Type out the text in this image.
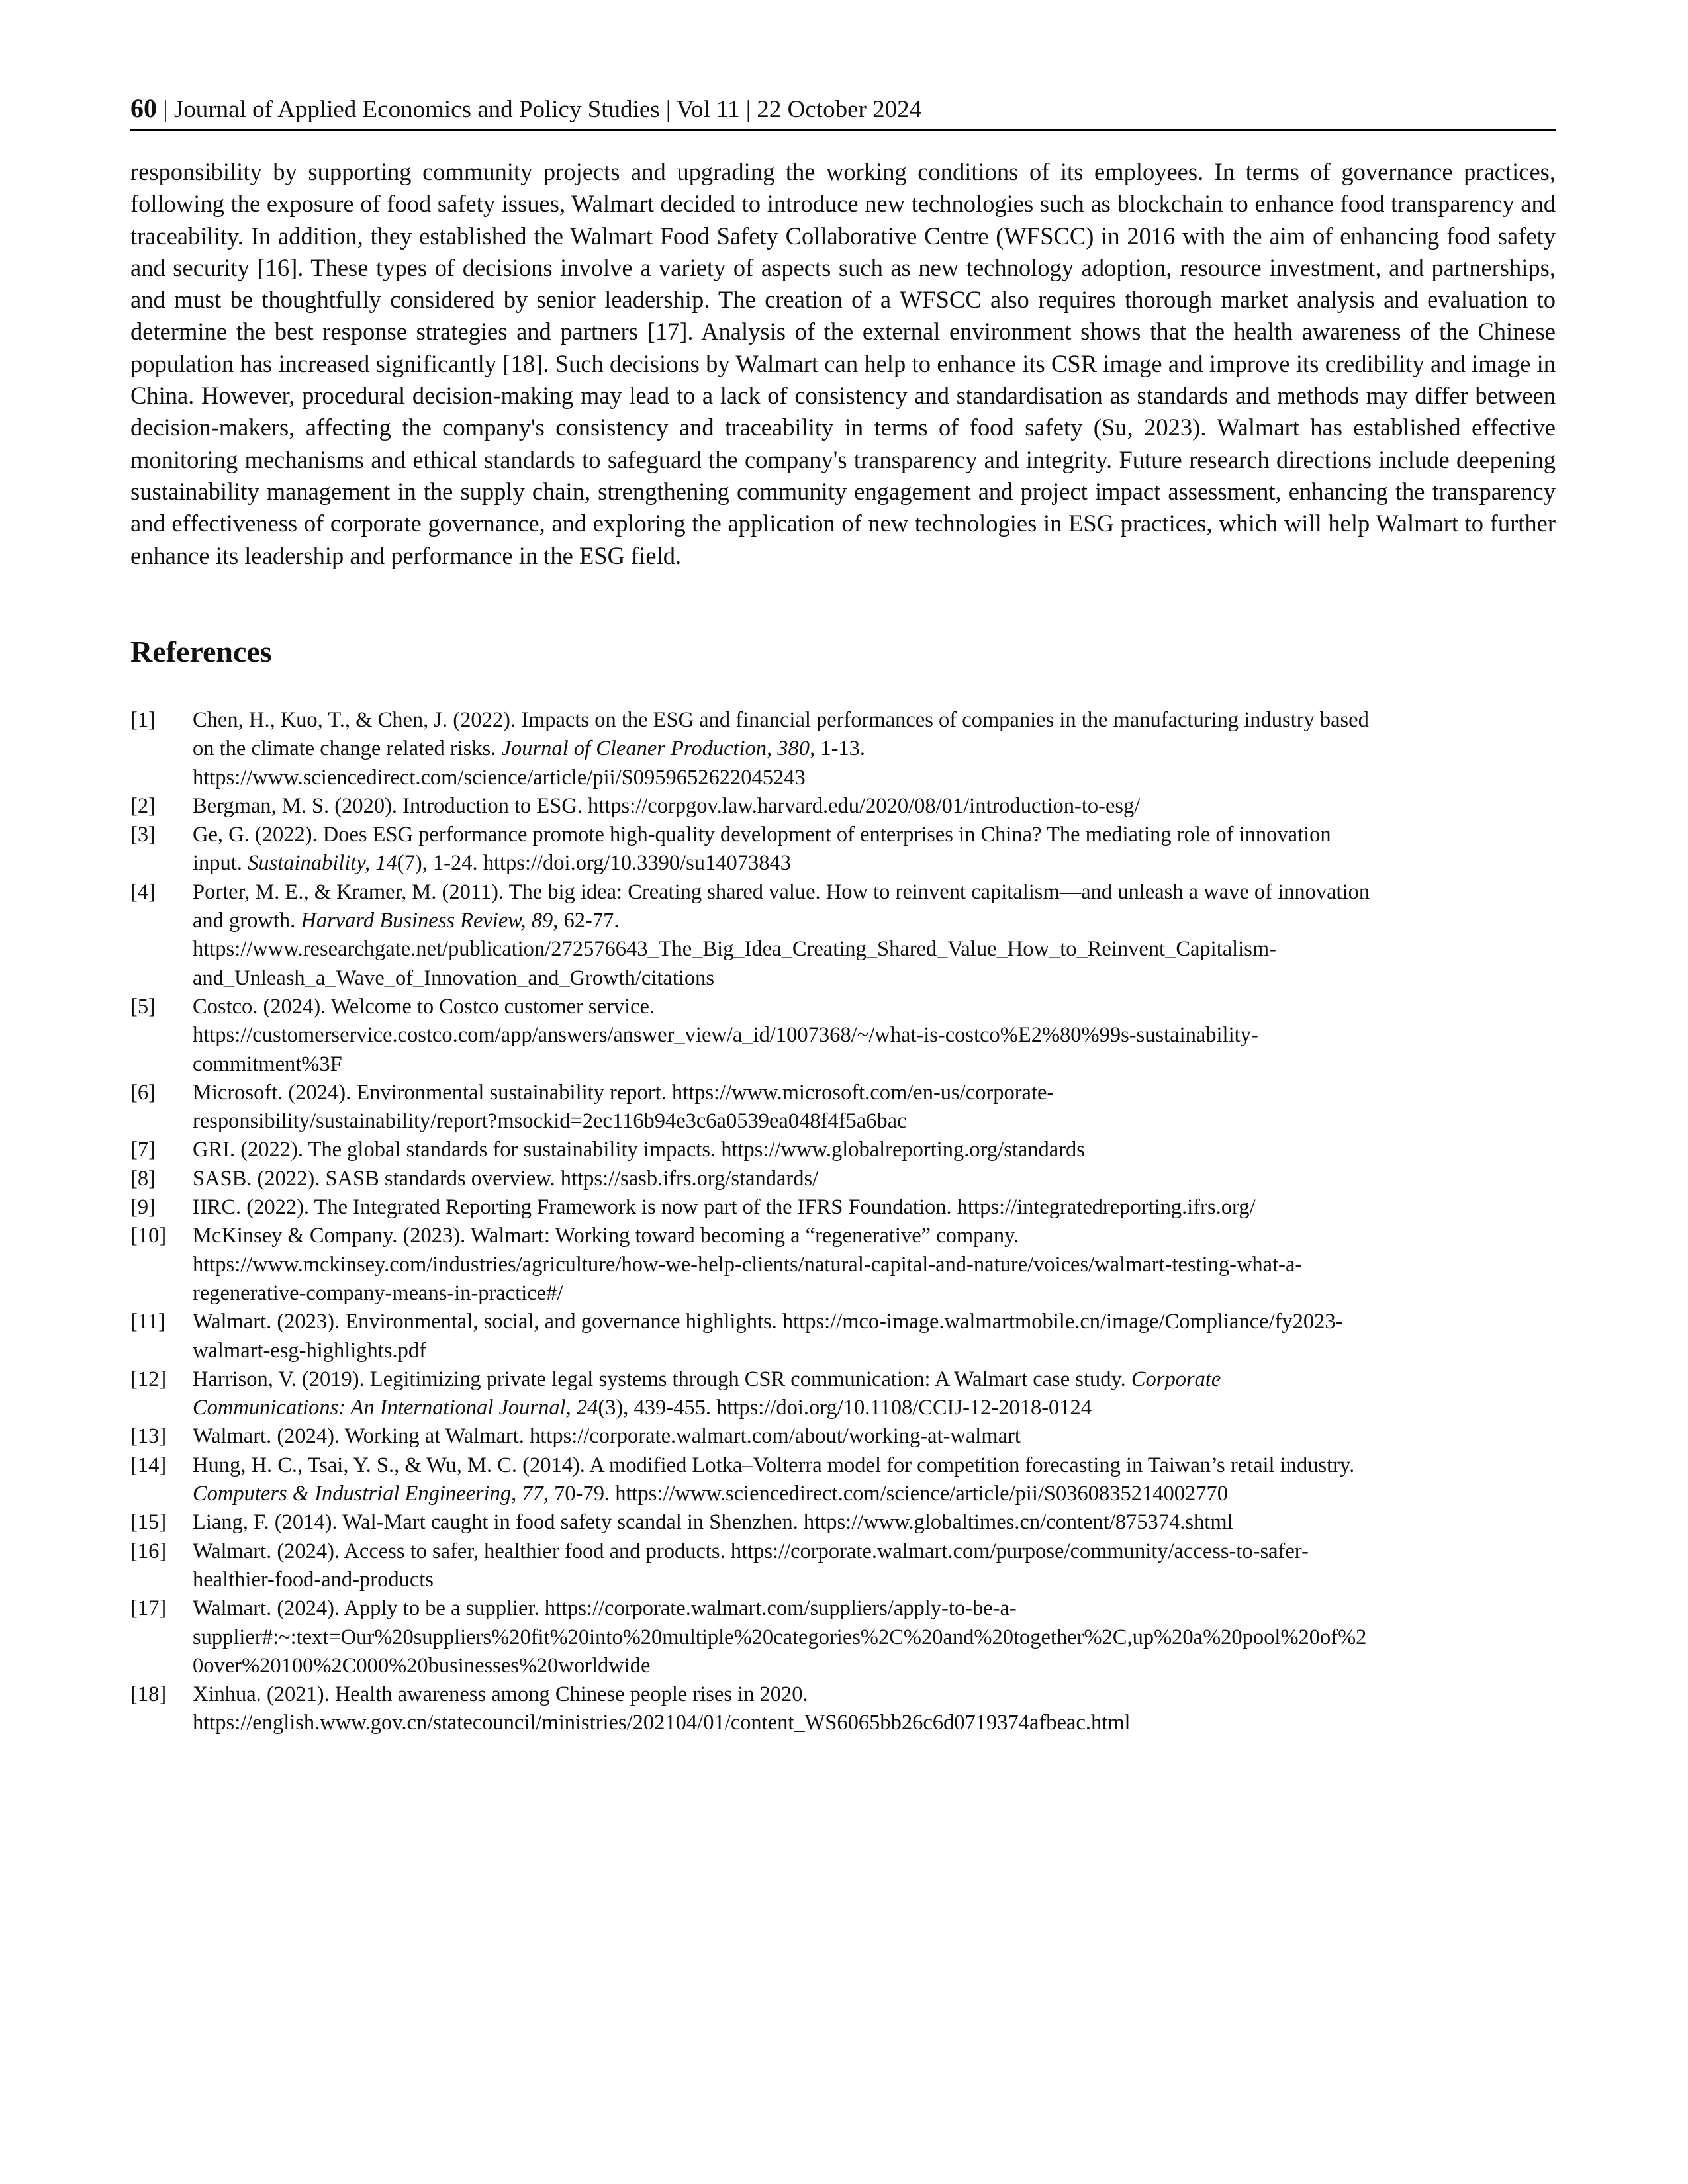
60 | Journal of Applied Economics and Policy Studies | Vol 11 | 22 October 2024

responsibility by supporting community projects and upgrading the working conditions of its employees. In terms of governance practices, following the exposure of food safety issues, Walmart decided to introduce new technologies such as blockchain to enhance food transparency and traceability. In addition, they established the Walmart Food Safety Collaborative Centre (WFSCC) in 2016 with the aim of enhancing food safety and security [16]. These types of decisions involve a variety of aspects such as new technology adoption, resource investment, and partnerships, and must be thoughtfully considered by senior leadership. The creation of a WFSCC also requires thorough market analysis and evaluation to determine the best response strategies and partners [17]. Analysis of the external environment shows that the health awareness of the Chinese population has increased significantly [18]. Such decisions by Walmart can help to enhance its CSR image and improve its credibility and image in China. However, procedural decision-making may lead to a lack of consistency and standardisation as standards and methods may differ between decision-makers, affecting the company's consistency and traceability in terms of food safety (Su, 2023). Walmart has established effective monitoring mechanisms and ethical standards to safeguard the company's transparency and integrity. Future research directions include deepening sustainability management in the supply chain, strengthening community engagement and project impact assessment, enhancing the transparency and effectiveness of corporate governance, and exploring the application of new technologies in ESG practices, which will help Walmart to further enhance its leadership and performance in the ESG field.

References
[1]	Chen, H., Kuo, T., & Chen, J. (2022). Impacts on the ESG and financial performances of companies in the manufacturing industry based
on the climate change related risks. Journal of Cleaner Production, 380, 1-13.
https://www.sciencedirect.com/science/article/pii/S0959652622045243
[2]	Bergman, M. S. (2020). Introduction to ESG. https://corpgov.law.harvard.edu/2020/08/01/introduction-to-esg/
[3]	Ge, G. (2022). Does ESG performance promote high-quality development of enterprises in China? The mediating role of innovation
input. Sustainability, 14(7), 1-24. https://doi.org/10.3390/su14073843
[4]	Porter, M. E., & Kramer, M. (2011). The big idea: Creating shared value. How to reinvent capitalism—and unleash a wave of innovation
and growth. Harvard Business Review, 89, 62-77.
https://www.researchgate.net/publication/272576643_The_Big_Idea_Creating_Shared_Value_How_to_Reinvent_Capitalism-
and_Unleash_a_Wave_of_Innovation_and_Growth/citations
[5]	Costco. (2024). Welcome to Costco customer service.
https://customerservice.costco.com/app/answers/answer_view/a_id/1007368/~/what-is-costco%E2%80%99s-sustainability-
commitment%3F
[6]	Microsoft. (2024). Environmental sustainability report. https://www.microsoft.com/en-us/corporate-
responsibility/sustainability/report?msockid=2ec116b94e3c6a0539ea048f4f5a6bac
[7]	GRI. (2022). The global standards for sustainability impacts. https://www.globalreporting.org/standards
[8]	SASB. (2022). SASB standards overview. https://sasb.ifrs.org/standards/
[9]	IIRC. (2022). The Integrated Reporting Framework is now part of the IFRS Foundation. https://integratedreporting.ifrs.org/
[10]	McKinsey & Company. (2023). Walmart: Working toward becoming a “regenerative” company.
https://www.mckinsey.com/industries/agriculture/how-we-help-clients/natural-capital-and-nature/voices/walmart-testing-what-a-
regenerative-company-means-in-practice#/
[11]	Walmart. (2023). Environmental, social, and governance highlights. https://mco-image.walmartmobile.cn/image/Compliance/fy2023-
walmart-esg-highlights.pdf
[12]	Harrison, V. (2019). Legitimizing private legal systems through CSR communication: A Walmart case study. Corporate
Communications: An International Journal, 24(3), 439-455. https://doi.org/10.1108/CCIJ-12-2018-0124
[13]	Walmart. (2024). Working at Walmart. https://corporate.walmart.com/about/working-at-walmart
[14]	Hung, H. C., Tsai, Y. S., & Wu, M. C. (2014). A modified Lotka–Volterra model for competition forecasting in Taiwan’s retail industry.
Computers & Industrial Engineering, 77, 70-79. https://www.sciencedirect.com/science/article/pii/S0360835214002770
[15]	Liang, F. (2014). Wal-Mart caught in food safety scandal in Shenzhen. https://www.globaltimes.cn/content/875374.shtml
[16]	Walmart. (2024). Access to safer, healthier food and products. https://corporate.walmart.com/purpose/community/access-to-safer-
healthier-food-and-products
[17]	Walmart. (2024). Apply to be a supplier. https://corporate.walmart.com/suppliers/apply-to-be-a-
supplier#:~:text=Our%20suppliers%20fit%20into%20multiple%20categories%2C%20and%20together%2C,up%20a%20pool%20of%2
0over%20100%2C000%20businesses%20worldwide
[18]	Xinhua. (2021). Health awareness among Chinese people rises in 2020.
https://english.www.gov.cn/statecouncil/ministries/202104/01/content_WS6065bb26c6d0719374afbeac.html
